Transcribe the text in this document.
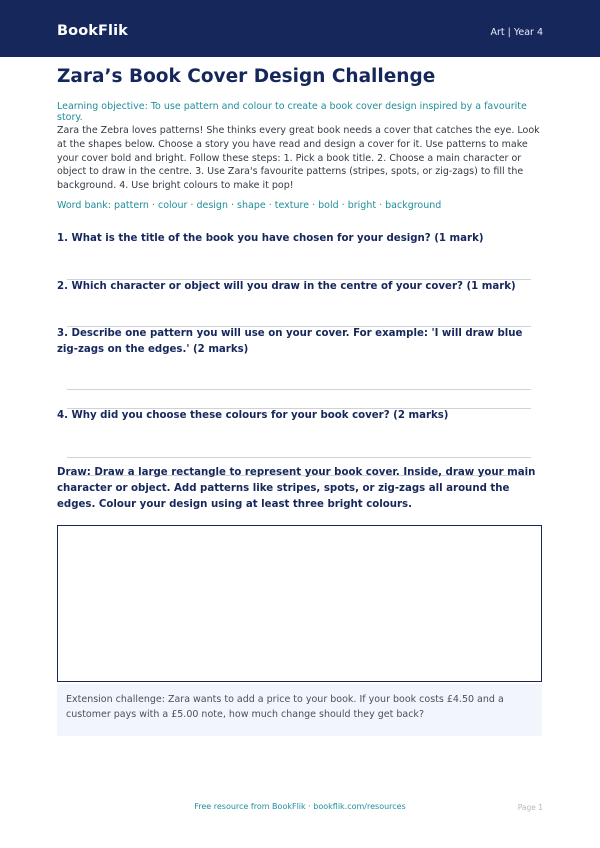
BookFlik	Art | Year 4
Zara’s Book Cover Design Challenge
Learning objective: To use pattern and colour to create a book cover design inspired by a favourite story.
Zara the Zebra loves patterns! She thinks every great book needs a cover that catches the eye. Look at the shapes below. Choose a story you have read and design a cover for it. Use patterns to make your cover bold and bright. Follow these steps: 1. Pick a book title. 2. Choose a main character or object to draw in the centre. 3. Use Zara's favourite patterns (stripes, spots, or zig-zags) to fill the background. 4. Use bright colours to make it pop!
Word bank: pattern · colour · design · shape · texture · bold · bright · background
1. What is the title of the book you have chosen for your design? (1 mark)
2. Which character or object will you draw in the centre of your cover? (1 mark)
3. Describe one pattern you will use on your cover. For example: 'I will draw blue zig-zags on the edges.' (2 marks)
4. Why did you choose these colours for your book cover? (2 marks)
Draw: Draw a large rectangle to represent your book cover. Inside, draw your main character or object. Add patterns like stripes, spots, or zig-zags all around the edges. Colour your design using at least three bright colours.
Extension challenge: Zara wants to add a price to your book. If your book costs £4.50 and a customer pays with a £5.00 note, how much change should they get back?
Free resource from BookFlik · bookflik.com/resources	Page 1
